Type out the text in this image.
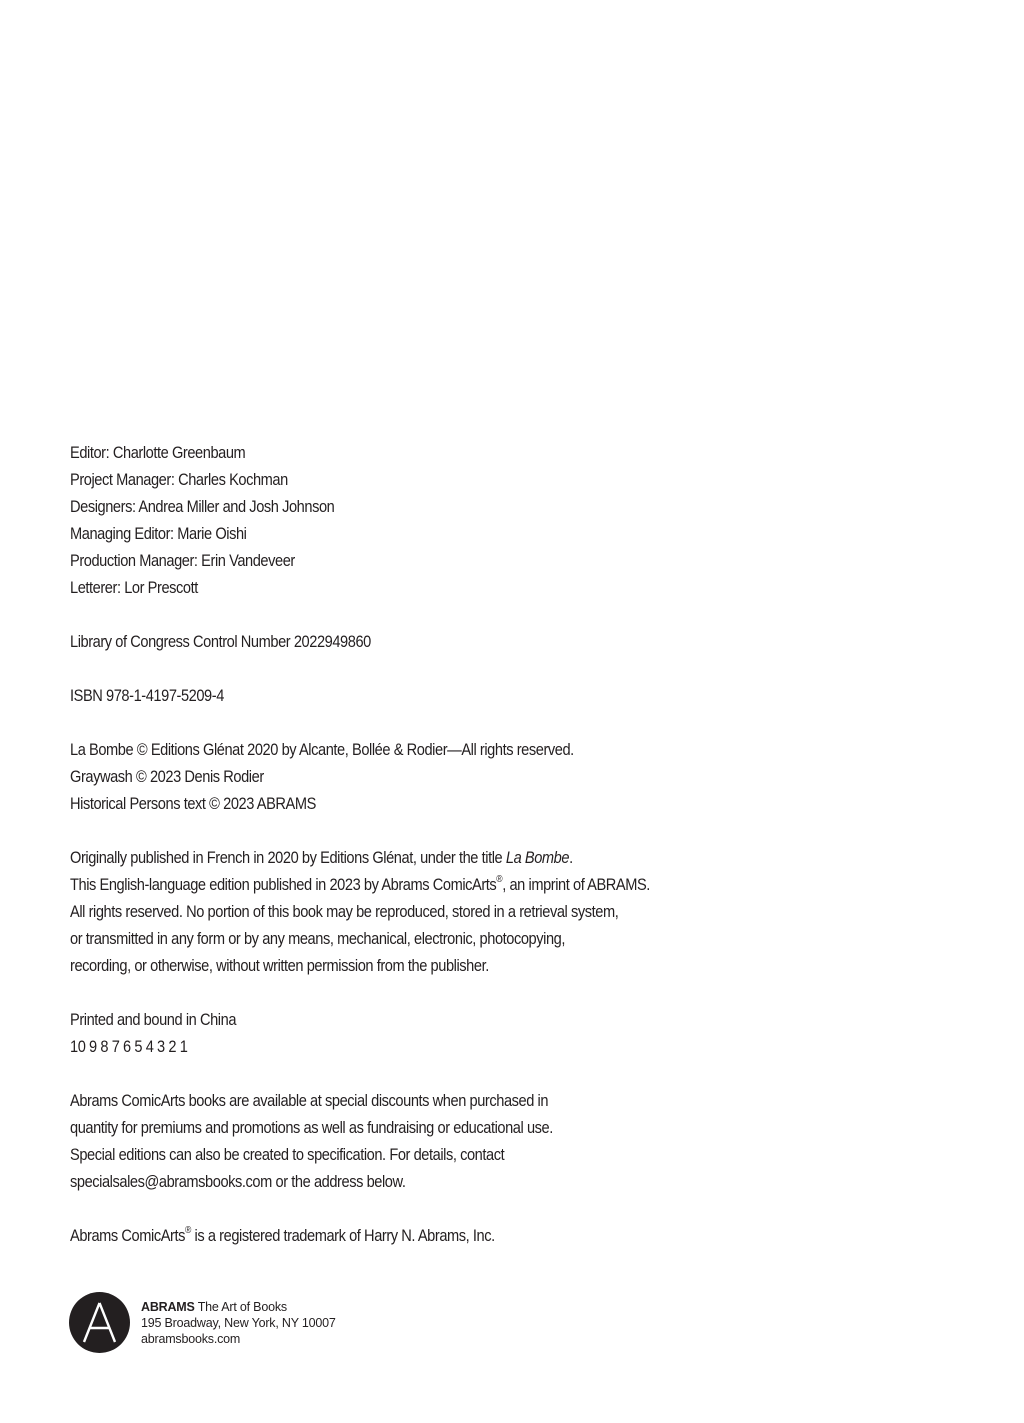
Editor: Charlotte Greenbaum
Project Manager: Charles Kochman
Designers: Andrea Miller and Josh Johnson
Managing Editor: Marie Oishi
Production Manager: Erin Vandeveer
Letterer: Lor Prescott
Library of Congress Control Number 2022949860
ISBN 978-1-4197-5209-4
La Bombe © Editions Glénat 2020 by Alcante, Bollée & Rodier—All rights reserved.
Graywash © 2023 Denis Rodier
Historical Persons text © 2023 ABRAMS
Originally published in French in 2020 by Editions Glénat, under the title La Bombe.
This English-language edition published in 2023 by Abrams ComicArts®, an imprint of ABRAMS.
All rights reserved. No portion of this book may be reproduced, stored in a retrieval system,
or transmitted in any form or by any means, mechanical, electronic, photocopying,
recording, or otherwise, without written permission from the publisher.
Printed and bound in China
10 9 8 7 6 5 4 3 2 1
Abrams ComicArts books are available at special discounts when purchased in
quantity for premiums and promotions as well as fundraising or educational use.
Special editions can also be created to specification. For details, contact
specialsales@abramsbooks.com or the address below.
Abrams ComicArts® is a registered trademark of Harry N. Abrams, Inc.
ABRAMS The Art of Books
195 Broadway, New York, NY 10007
abramsbooks.com
